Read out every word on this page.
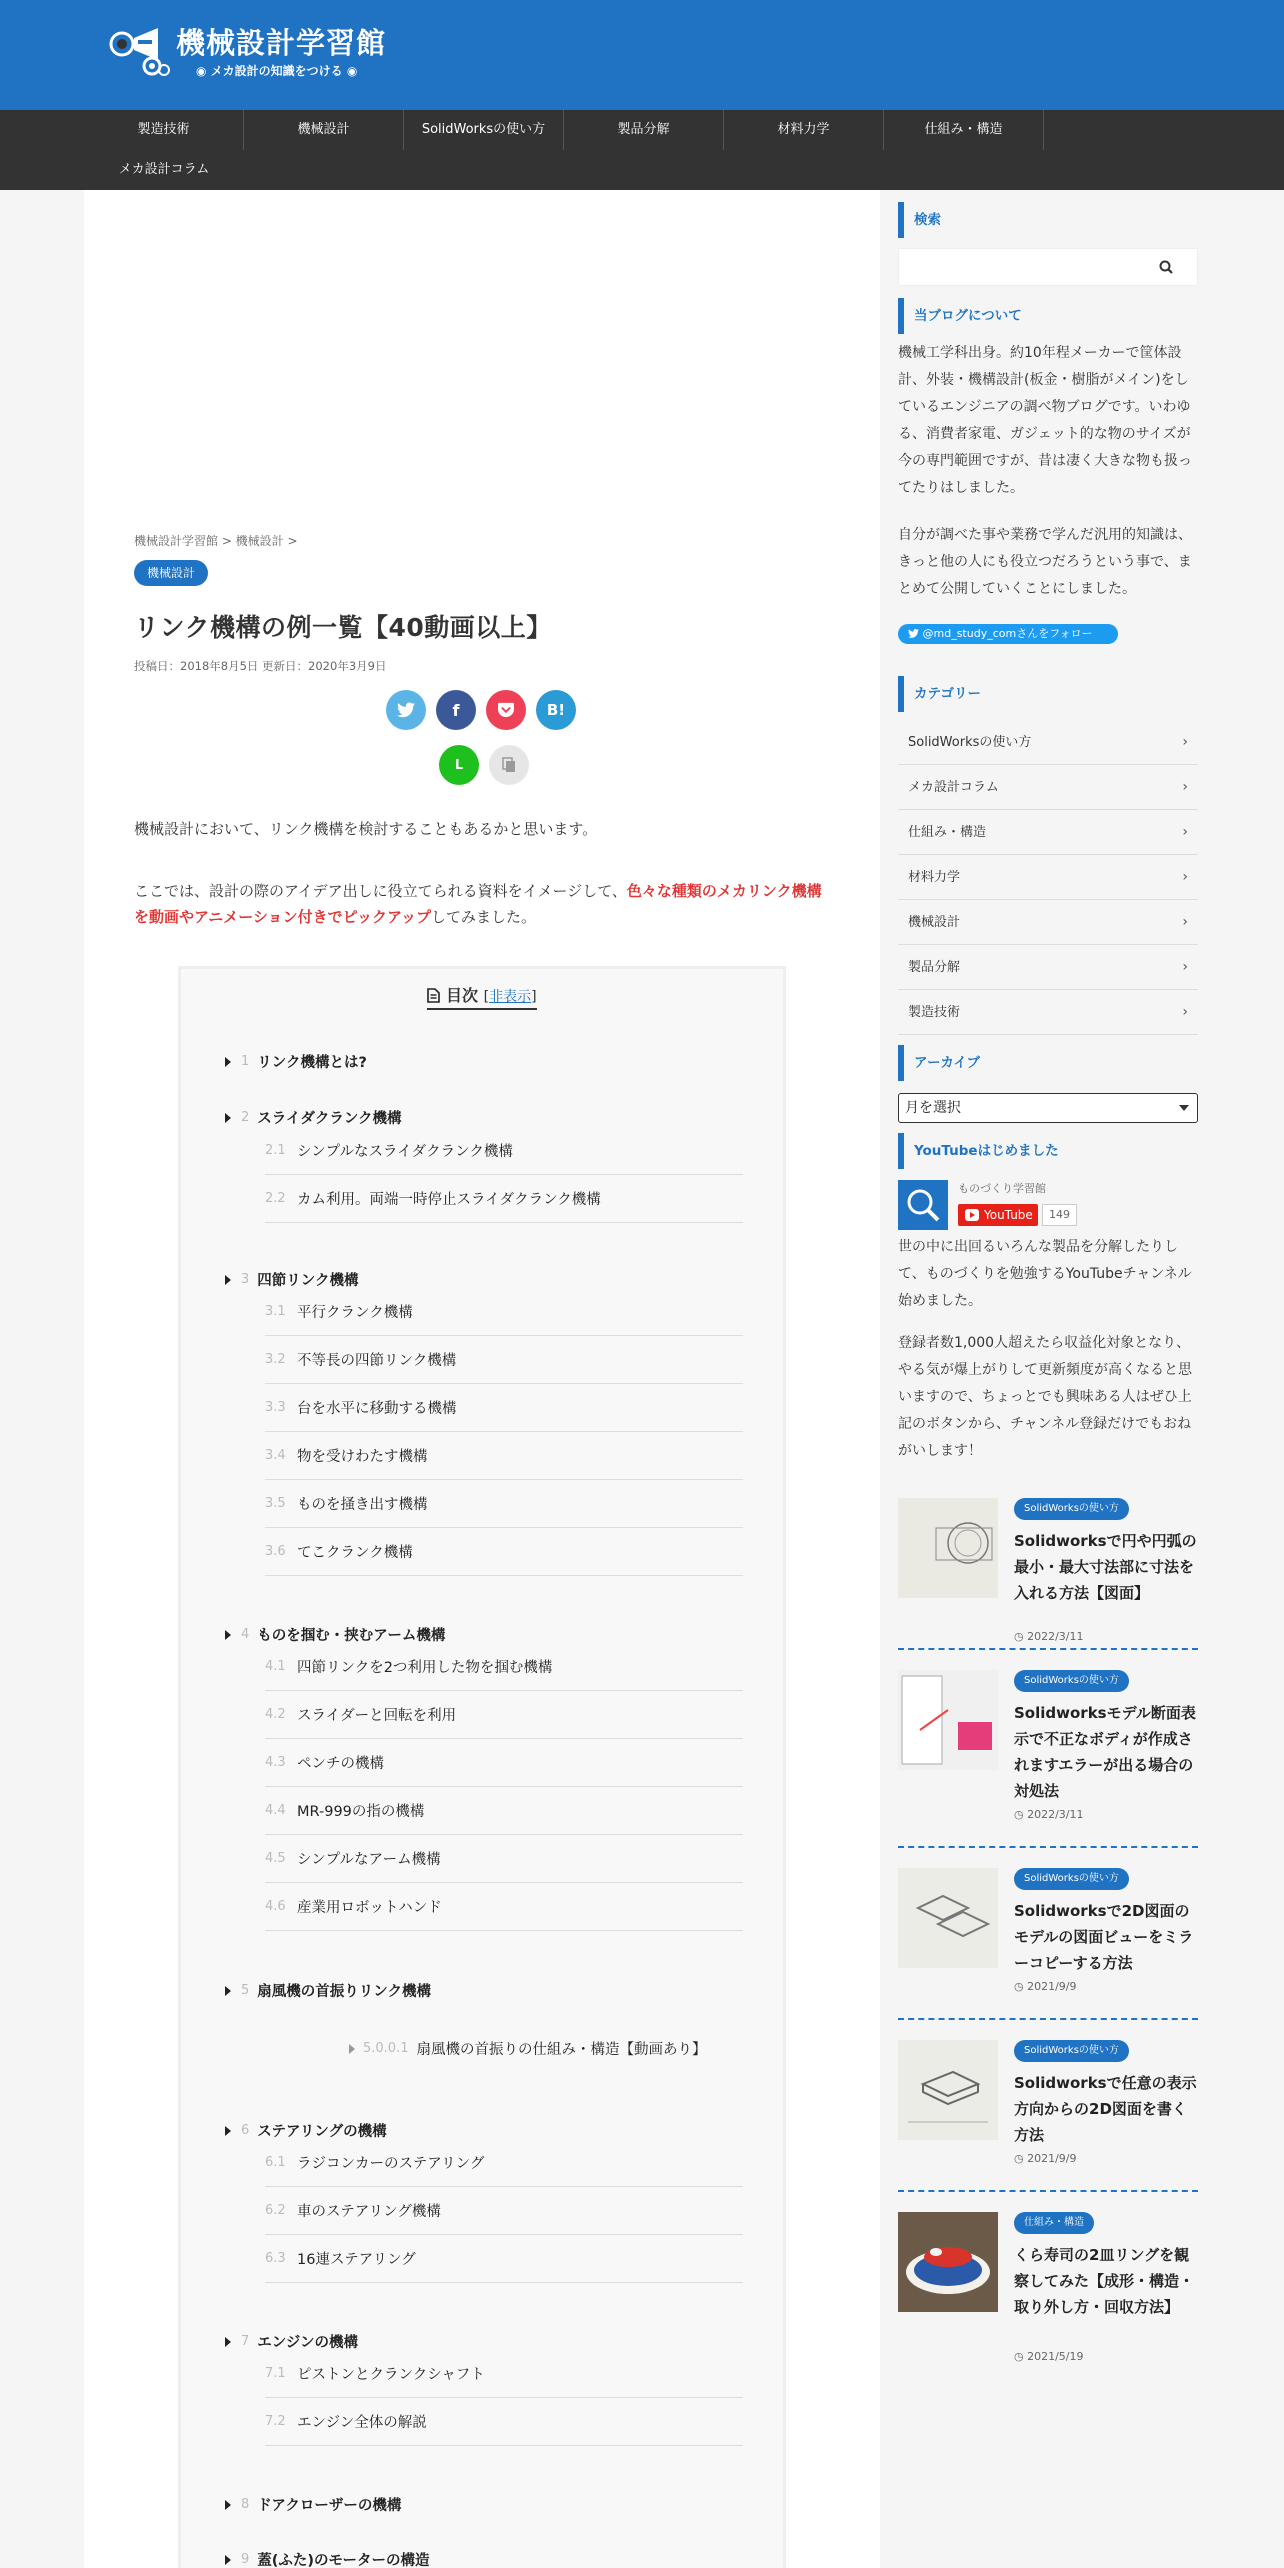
機械設計学習館
◉ メカ設計の知識をつける ◉
製造技術	機械設計	SolidWorksの使い方	製品分解	材料力学	仕組み・構造
メカ設計コラム
機械設計学習館 > 機械設計 >
機械設計
リンク機構の例一覧【40動画以上】
投稿日：2018年8月5日 更新日：2020年3月9日
f	B!
L

機械設計において、リンク機構を検討することもあるかと思います。

ここでは、設計の際のアイデア出しに役立てられる資料をイメージして、色々な種類のメカリンク機構を動画やアニメーション付きでピックアップしてみました。

目次 [非表示]
1 リンク機構とは?
2 スライダクランク機構
2.1 シンプルなスライダクランク機構
2.2 カム利用。両端一時停止スライダクランク機構
3 四節リンク機構
3.1 平行クランク機構
3.2 不等長の四節リンク機構
3.3 台を水平に移動する機構
3.4 物を受けわたす機構
3.5 ものを掻き出す機構
3.6 てこクランク機構
4 ものを掴む・挟むアーム機構
4.1 四節リンクを2つ利用した物を掴む機構
4.2 スライダーと回転を利用
4.3 ペンチの機構
4.4 MR-999の指の機構
4.5 シンプルなアーム機構
4.6 産業用ロボットハンド
5 扇風機の首振りリンク機構
5.0.0.1 扇風機の首振りの仕組み・構造【動画あり】
6 ステアリングの機構
6.1 ラジコンカーのステアリング
6.2 車のステアリング機構
6.3 16連ステアリング
7 エンジンの機構
7.1 ピストンとクランクシャフト
7.2 エンジン全体の解説
8 ドアクローザーの機構
9 蓋(ふた)のモーターの構造
検索
当ブログについて

機械工学科出身。約10年程メーカーで筐体設計、外装・機構設計(板金・樹脂がメイン)をしているエンジニアの調べ物ブログです。いわゆる、消費者家電、ガジェット的な物のサイズが今の専門範囲ですが、昔は凄く大きな物も扱ってたりはしました。

自分が調べた事や業務で学んだ汎用的知識は、きっと他の人にも役立つだろうという事で、まとめて公開していくことにしました。

@md_study_comさんをフォロー
カテゴリー
SolidWorksの使い方	›
メカ設計コラム	›
仕組み・構造	›
材料力学	›
機械設計	›
製品分解	›
製造技術	›
アーカイブ
月を選択
YouTubeはじめました
ものづくり学習館
YouTube	149

世の中に出回るいろんな製品を分解したりして、ものづくりを勉強するYouTubeチャンネル始めました。

登録者数1,000人超えたら収益化対象となり、やる気が爆上がりして更新頻度が高くなると思いますので、ちょっとでも興味ある人はぜひ上記のボタンから、チャンネル登録だけでもおねがいします！

SolidWorksの使い方
Solidworksで円や円弧の最小・最大寸法部に寸法を入れる方法【図面】
◷ 2022/3/11
SolidWorksの使い方
Solidworksモデル断面表示で不正なボディが作成されますエラーが出る場合の対処法
◷ 2022/3/11
SolidWorksの使い方
Solidworksで2D図面のモデルの図面ビューをミラーコピーする方法
◷ 2021/9/9
SolidWorksの使い方
Solidworksで任意の表示方向からの2D図面を書く方法
◷ 2021/9/9
仕組み・構造
くら寿司の2皿リングを観察してみた【成形・構造・取り外し方・回収方法】
◷ 2021/5/19
